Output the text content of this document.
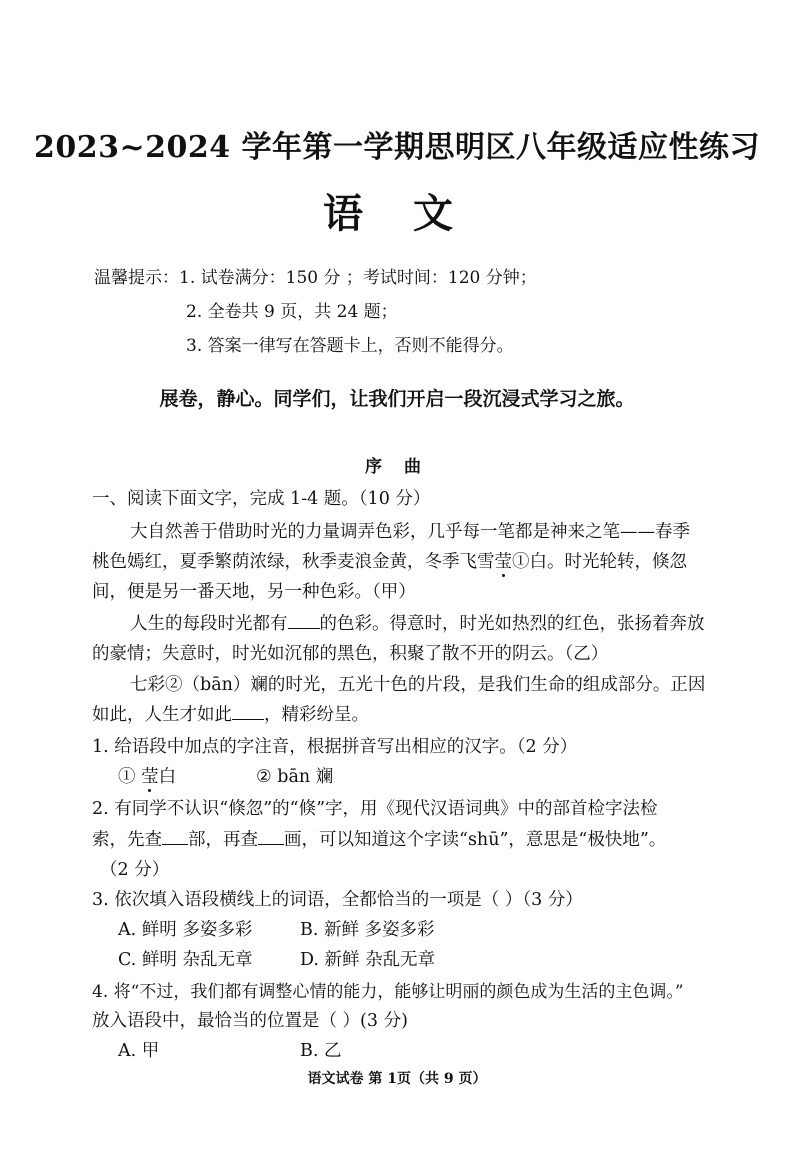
2023~2024 学年第一学期思明区八年级适应性练习
语 文
温馨提示：1. 试卷满分：150 分 ；考试时间：120 分钟；
2. 全卷共 9 页，共 24 题；
3. 答案一律写在答题卡上，否则不能得分。
展卷，静心。同学们，让我们开启一段沉浸式学习之旅。
序 曲
一、阅读下面文字，完成 1-4 题。（10 分）
大自然善于借助时光的力量调弄色彩，几乎每一笔都是神来之笔——春季
桃色嫣红，夏季繁荫浓绿，秋季麦浪金黄，冬季飞雪莹①白。时光轮转，倏忽
间，便是另一番天地，另一种色彩。（甲）
人生的每段时光都有 的色彩。得意时，时光如热烈的红色，张扬着奔放
的豪情；失意时，时光如沉郁的黑色，积聚了散不开的阴云。（乙）
七彩②（bān）斓的时光，五光十色的片段，是我们生命的组成部分。正因
如此，人生才如此 ，精彩纷呈。
1. 给语段中加点的字注音，根据拼音写出相应的汉字。（2 分）
① 莹白	② bān 斓
2. 有同学不认识“倏忽”的“倏”字，用《现代汉语词典》中的部首检字法检
索，先查 部，再查 画，可以知道这个字读“shū”，意思是“极快地”。
（2 分）
3. 依次填入语段横线上的词语，全都恰当的一项是（ ）（3 分）
A. 鲜明 多姿多彩	B. 新鲜 多姿多彩
C. 鲜明 杂乱无章	D. 新鲜 杂乱无章
4. 将“不过，我们都有调整心情的能力，能够让明丽的颜色成为生活的主色调。”
放入语段中，最恰当的位置是（ ）(3 分)
A. 甲	B. 乙
语文试卷 第 1页（共 9 页）
